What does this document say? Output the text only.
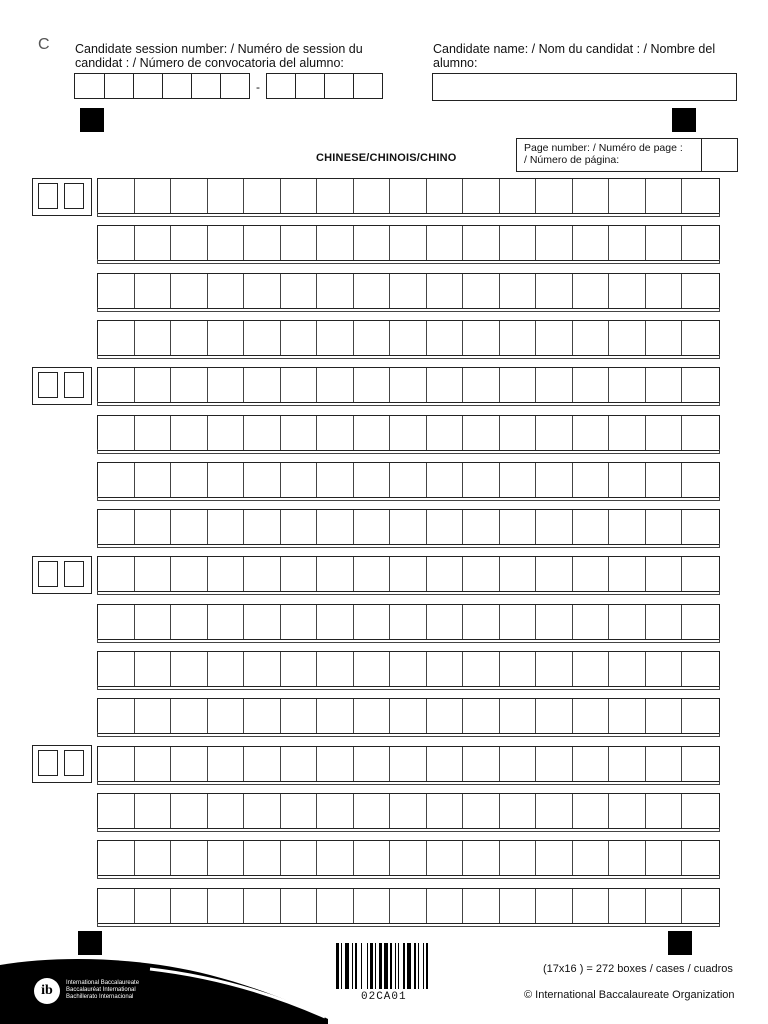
C Candidate session number: / Numéro de session du
candidat : / Número de convocatoria del alumno:
-
Candidate name: / Nom du candidat : / Nombre del
alumno:
Page number: / Numéro de page :
/ Número de página:
CHINESE/CHINOIS/CHINO
ib	International Baccalaureate
Baccalauréat International
Bachillerato Internacional	02CA01
(17x16 ) = 272 boxes / cases / cuadros
© International Baccalaureate Organization
